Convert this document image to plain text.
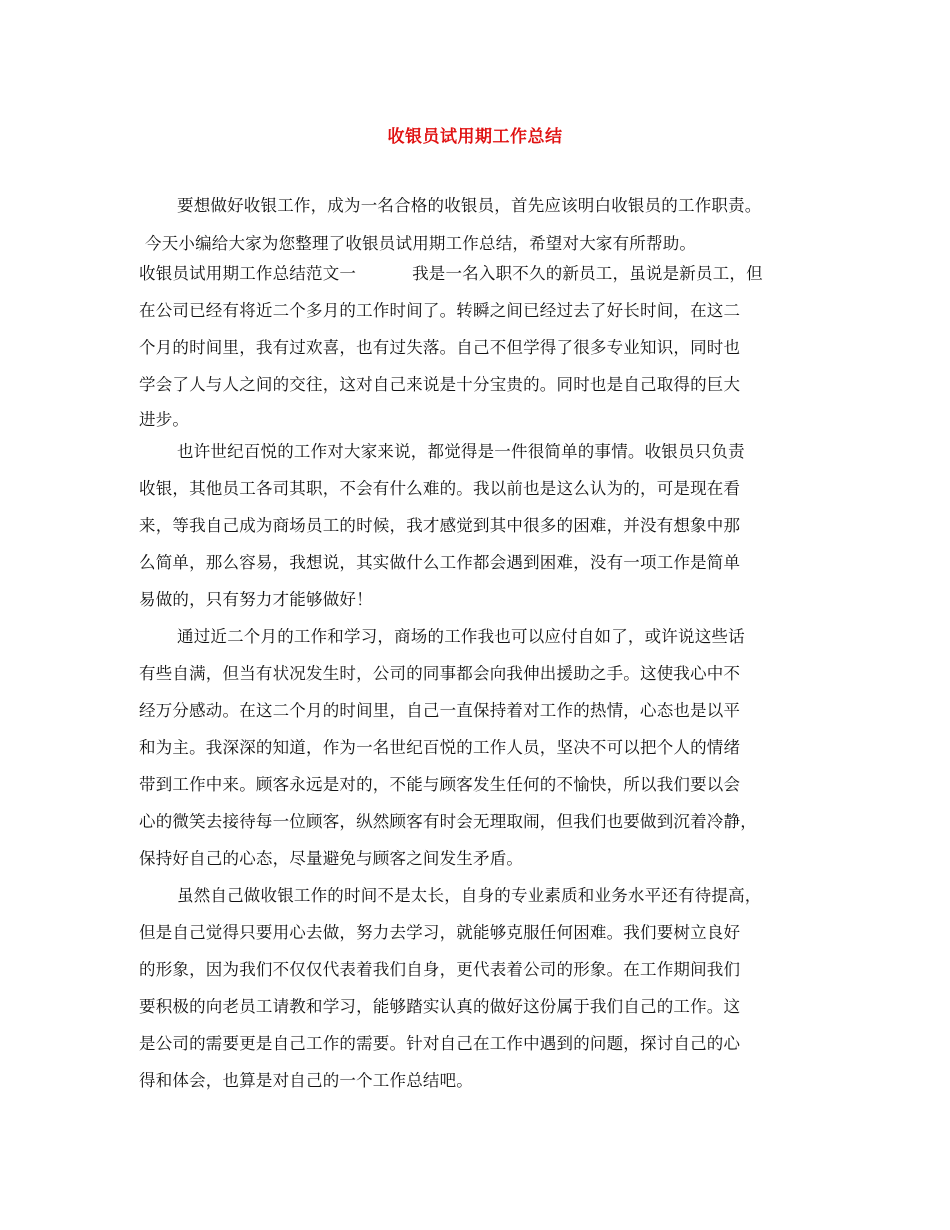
收银员试用期工作总结
要想做好收银工作，成为一名合格的收银员，首先应该明白收银员的工作职责。
今天小编给大家为您整理了收银员试用期工作总结，希望对大家有所帮助。
收银员试用期工作总结范文一	我是一名入职不久的新员工，虽说是新员工，但
在公司已经有将近二个多月的工作时间了。转瞬之间已经过去了好长时间，在这二
个月的时间里，我有过欢喜，也有过失落。自己不但学得了很多专业知识，同时也
学会了人与人之间的交往，这对自己来说是十分宝贵的。同时也是自己取得的巨大
进步。
也许世纪百悦的工作对大家来说，都觉得是一件很简单的事情。收银员只负责
收银，其他员工各司其职，不会有什么难的。我以前也是这么认为的，可是现在看
来，等我自己成为商场员工的时候，我才感觉到其中很多的困难，并没有想象中那
么简单，那么容易，我想说，其实做什么工作都会遇到困难，没有一项工作是简单
易做的，只有努力才能够做好！
通过近二个月的工作和学习，商场的工作我也可以应付自如了，或许说这些话
有些自满，但当有状况发生时，公司的同事都会向我伸出援助之手。这使我心中不
经万分感动。在这二个月的时间里，自己一直保持着对工作的热情，心态也是以平
和为主。我深深的知道，作为一名世纪百悦的工作人员，坚决不可以把个人的情绪
带到工作中来。顾客永远是对的，不能与顾客发生任何的不愉快，所以我们要以会
心的微笑去接待每一位顾客，纵然顾客有时会无理取闹，但我们也要做到沉着冷静，
保持好自己的心态，尽量避免与顾客之间发生矛盾。
虽然自己做收银工作的时间不是太长，自身的专业素质和业务水平还有待提高，
但是自己觉得只要用心去做，努力去学习，就能够克服任何困难。我们要树立良好
的形象，因为我们不仅仅代表着我们自身，更代表着公司的形象。在工作期间我们
要积极的向老员工请教和学习，能够踏实认真的做好这份属于我们自己的工作。这
是公司的需要更是自己工作的需要。针对自己在工作中遇到的问题，探讨自己的心
得和体会，也算是对自己的一个工作总结吧。
